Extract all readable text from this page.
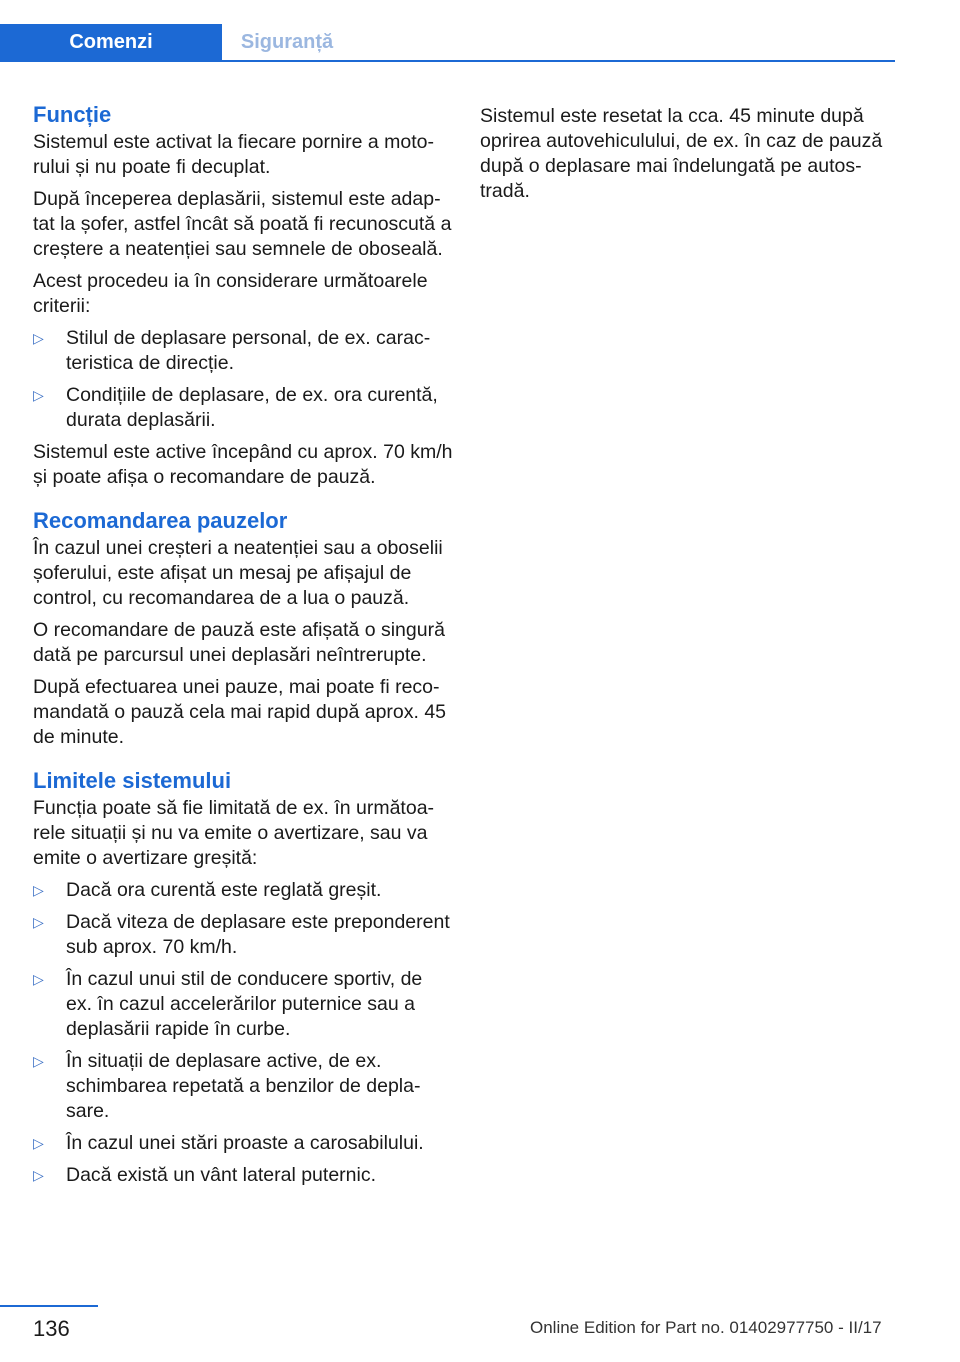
Comenzi	Siguranță
Funcție

Sistemul este activat la fiecare pornire a motorului și nu poate fi decuplat.

După începerea deplasării, sistemul este adaptat la șofer, astfel încât să poată fi recunoscută a creștere a neatenției sau semnele de oboseală.

Acest procedeu ia în considerare următoarele criterii:

▷ Stilul de deplasare personal, de ex. caracteristica de direcție.
▷ Condițiile de deplasare, de ex. ora curentă, durata deplasării.

Sistemul este active începând cu aprox. 70 km/h și poate afișa o recomandare de pauză.

Recomandarea pauzelor

În cazul unei creșteri a neatenției sau a oboselii șoferului, este afișat un mesaj pe afișajul de control, cu recomandarea de a lua o pauză.

O recomandare de pauză este afișată o singură dată pe parcursul unei deplasări neîntrerupte.

După efectuarea unei pauze, mai poate fi recomandată o pauză cela mai rapid după aprox. 45 de minute.

Limitele sistemului

Funcția poate să fie limitată de ex. în următoarele situații și nu va emite o avertizare, sau va emite o avertizare greșită:

▷ Dacă ora curentă este reglată greșit.
▷ Dacă viteza de deplasare este preponderent sub aprox. 70 km/h.
▷ În cazul unui stil de conducere sportiv, de ex. în cazul accelerărilor puternice sau a deplasării rapide în curbe.
▷ În situații de deplasare active, de ex. schimbarea repetată a benzilor de deplasare.
▷ În cazul unei stări proaste a carosabilului.
▷ Dacă există un vânt lateral puternic.

Sistemul este resetat la cca. 45 minute după oprirea autovehiculului, de ex. în caz de pauză după o deplasare mai îndelungată pe autostradă.

136	Online Edition for Part no. 01402977750 - II/17
